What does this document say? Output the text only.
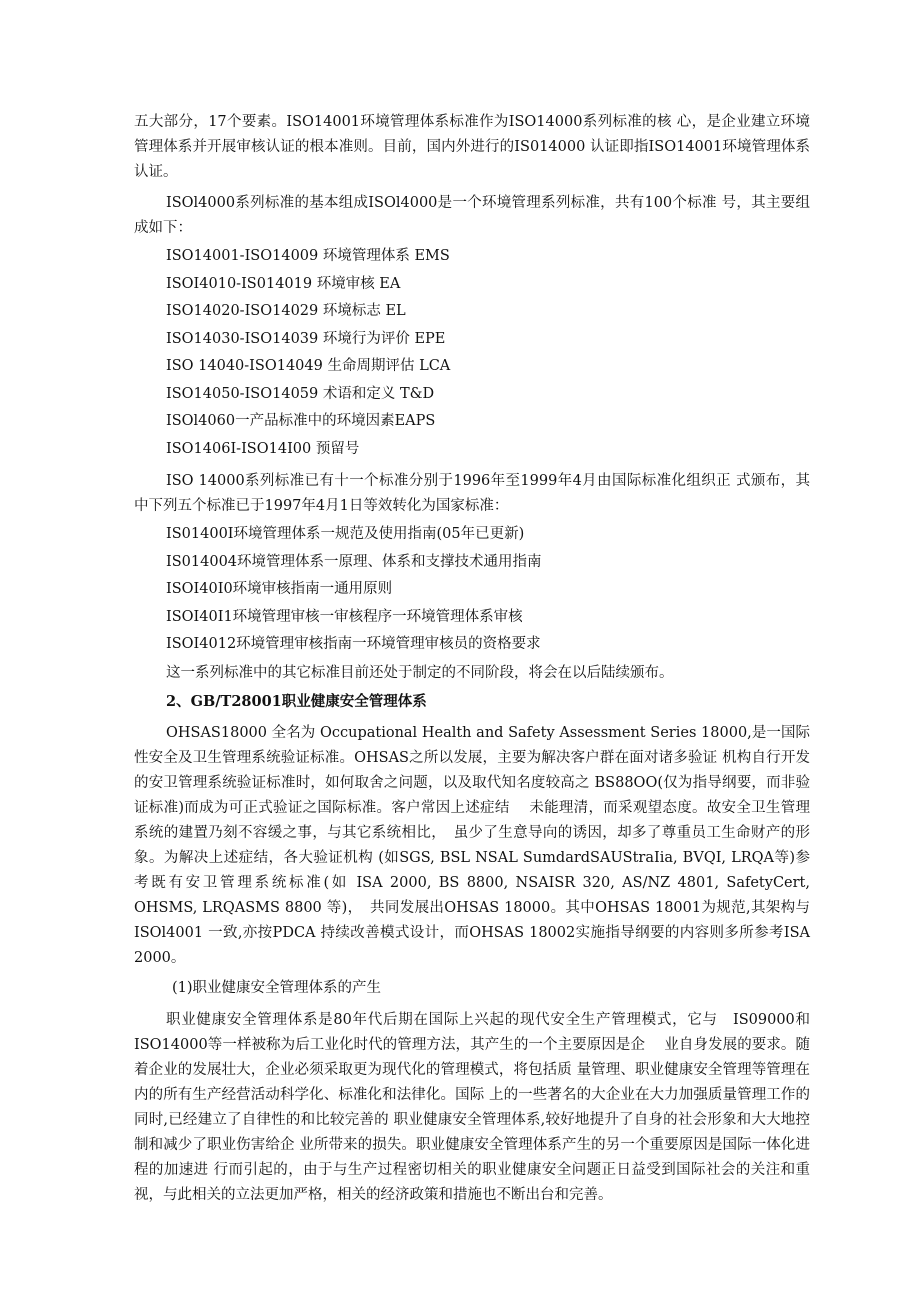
五大部分，17个要素。ISO14001环境管理体系标准作为ISO14000系列标准的核 心，是企业建立环境管理体系并开展审核认证的根本准则。目前，国内外进行的IS014000 认证即指ISO14001环境管理体系认证。

ISOl4000系列标准的基本组成ISOl4000是一个环境管理系列标准，共有100个标准 号，其主要组成如下：

ISO14001-ISO14009 环境管理体系 EMS
ISOI4010-IS014019 环境审核 EA
ISO14020-ISO14029 环境标志 EL
ISO14030-ISO14039 环境行为评价 EPE
ISO 14040-ISO14049 生命周期评估 LCA
ISO14050-ISO14059 术语和定义 T&D
ISOl4060一产品标准中的环境因素EAPS
ISO1406I-ISO14I00 预留号

ISO 14000系列标准已有十一个标准分别于1996年至1999年4月由国际标准化组织正 式颁布，其中下列五个标准已于1997年4月1日等效转化为国家标准：

IS01400I环境管理体系一规范及使用指南(05年已更新)
IS014004环境管理体系一原理、体系和支撑技术通用指南
ISOI40I0环境审核指南一通用原则
ISOI40I1环境管理审核一审核程序一环境管理体系审核
ISOI4012环境管理审核指南一环境管理审核员的资格要求

这一系列标准中的其它标准目前还处于制定的不同阶段，将会在以后陆续颁布。

2、GB/T28001职业健康安全管理体系

OHSAS18000 全名为 Occupational Health and Safety Assessment Series 18000,是一国际 性安全及卫生管理系统验证标准。OHSAS之所以发展，主要为解决客户群在面对诸多验证 机构自行开发的安卫管理系统验证标准时，如何取舍之问题，以及取代知名度较高之 BS88OO(仅为指导纲要，而非验证标准)而成为可正式验证之国际标准。客户常因上述症结　 未能理清，而采观望态度。故安全卫生管理系统的建置乃刻不容缓之事，与其它系统相比，　虽少了生意导向的诱因，却多了尊重员工生命财产的形象。为解决上述症结，各大验证机构 (如SGS, BSL NSAL SumdardSAUStraIia, BVQI, LRQA等)参考既有安卫管理系统标准(如 ISA 2000, BS 8800, NSAISR 320, AS/NZ 4801, SafetyCert, OHSMS, LRQASMS 8800 等)，　共同发展出OHSAS 18000。其中OHSAS 18001为规范,其架构与ISOl4001 一致,亦按PDCA 持续改善模式设计，而OHSAS 18002实施指导纲要的内容则多所参考ISA 2000。

(1)职业健康安全管理体系的产生

职业健康安全管理体系是80年代后期在国际上兴起的现代安全生产管理模式，它与　IS09000和ISO14000等一样被称为后工业化时代的管理方法，其产生的一个主要原因是企　 业自身发展的要求。随着企业的发展壮大，企业必须采取更为现代化的管理模式，将包括质 量管理、职业健康安全管理等管理在内的所有生产经营活动科学化、标准化和法律化。国际 上的一些著名的大企业在大力加强质量管理工作的同时,已经建立了自律性的和比较完善的 职业健康安全管理体系,较好地提升了自身的社会形象和大大地控制和减少了职业伤害给企 业所带来的损失。职业健康安全管理体系产生的另一个重要原因是国际一体化进程的加速进 行而引起的，由于与生产过程密切相关的职业健康安全问题正日益受到国际社会的关注和重 视，与此相关的立法更加严格，相关的经济政策和措施也不断出台和完善。
